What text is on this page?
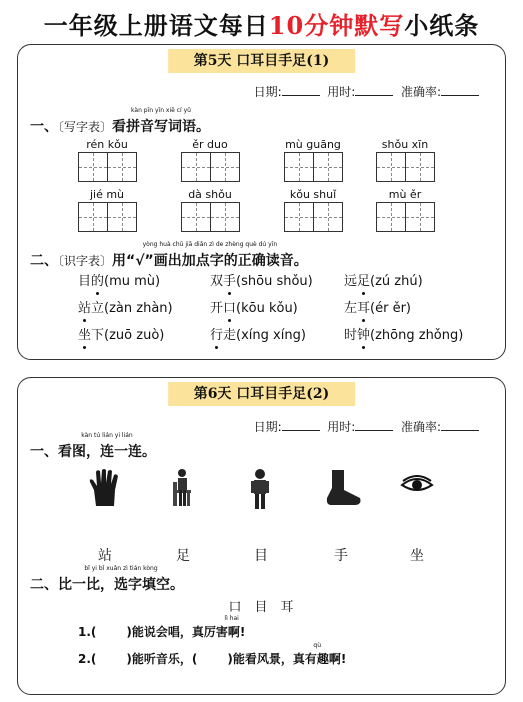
一年级上册语文每日10分钟默写小纸条
第5天 口耳目手足(1)
日期:	用时:	准确率:
一、〔写字表〕
kàn pīn yīn xiě cí yǔ
看拼音写词语。
rén kǒu	ěr duo	mù guāng	shǒu xīn
jié mù	dà shǒu	kǒu shuǐ	mù ěr
二、〔识字表〕
yòng huà chū jiā diǎn zì de zhèng què dú yīn
用“√”画出加点字的正确读音。
目的(mu mù)	双手(shōu shǒu) 远足(zú zhú)
站立(zàn zhàn)	开口(kōu kǒu)	左耳(ér ěr)
坐下(zuō zuò)	行走(xíng xíng)	时钟(zhōng zhǒng)
第6天 口耳目手足(2)
日期:	用时:	准确率:
一、
kàn tú lián yi lián
看图，连一连。
站	足	目	手	坐
二、
bǐ yi bǐ xuǎn zì tián kòng
比一比，选字填空。
口 目 耳
1.(
lì hai
)能说会唱，真厉害啊!
2.(	)能听音乐，(
qù
)能看风景，真有趣啊!
